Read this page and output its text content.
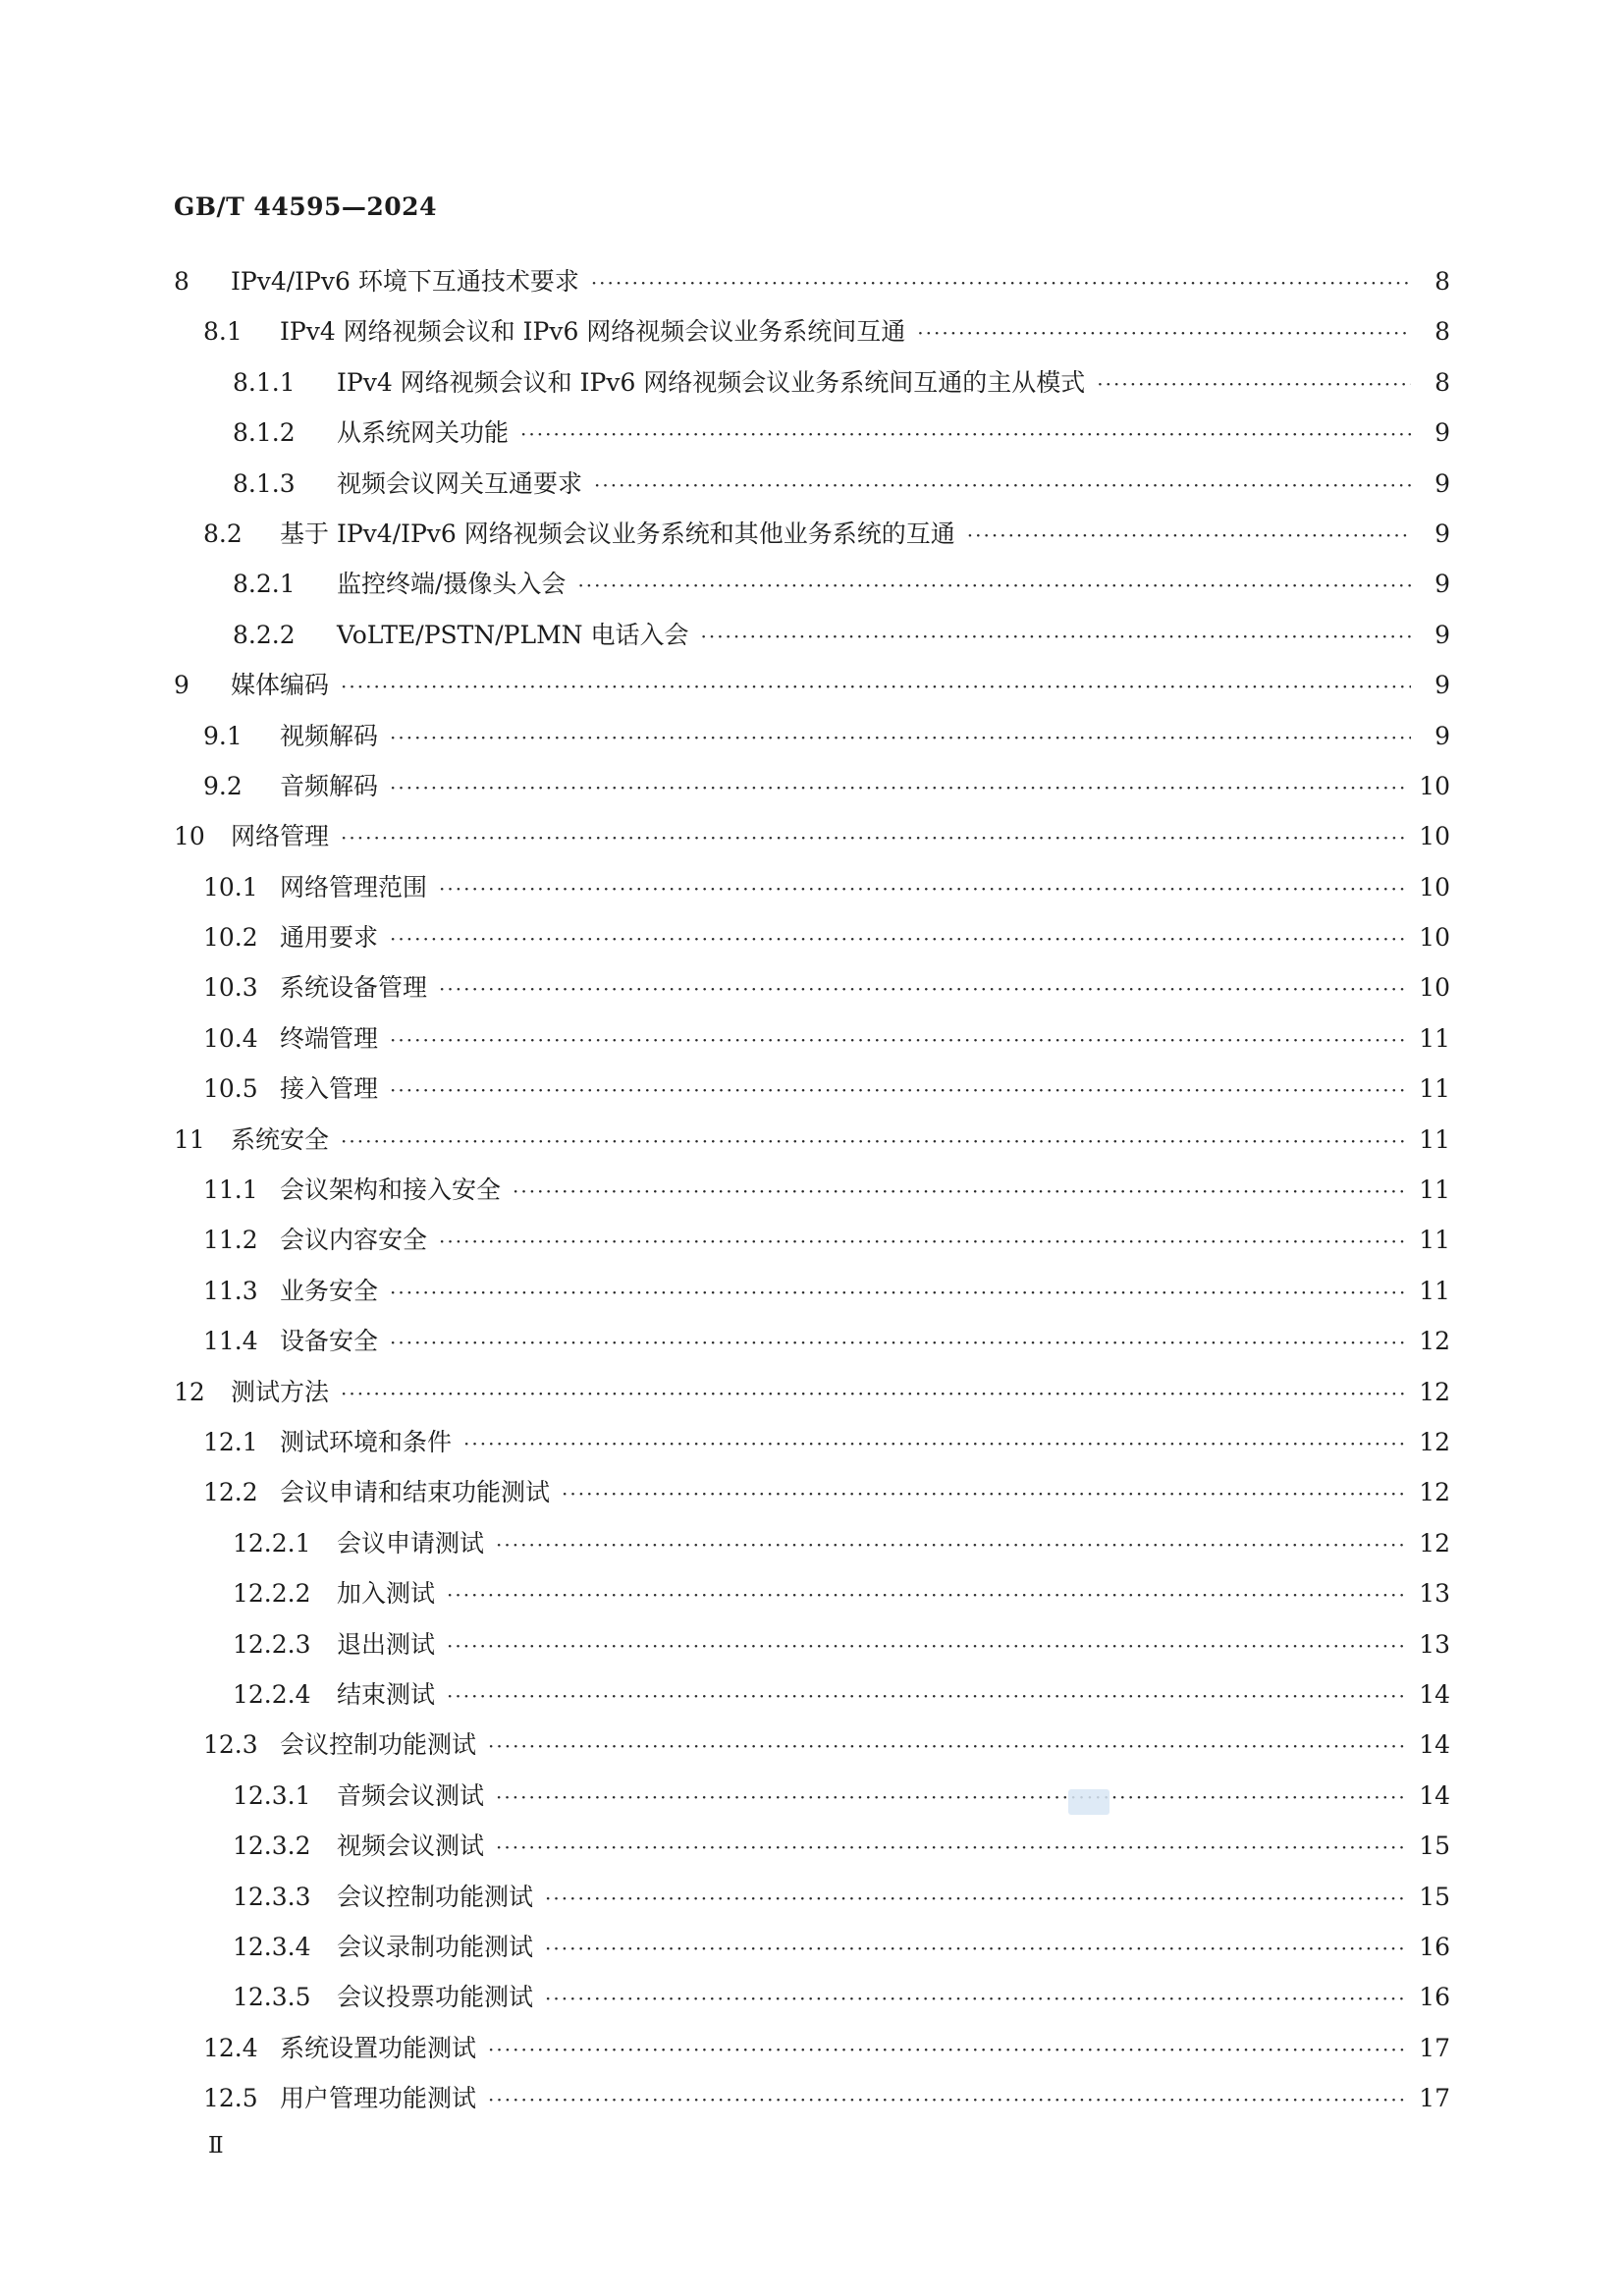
GB/T 44595—2024
8	IPv4/IPv6 环境下互通技术要求 ·····	8
8.1	IPv4 网络视频会议和 IPv6 网络视频会议业务系统间互通 ·····	8
8.1.1	IPv4 网络视频会议和 IPv6 网络视频会议业务系统间互通的主从模式 ·····	8
8.1.2	从系统网关功能 ·····	9
8.1.3	视频会议网关互通要求 ·····	9
8.2	基于 IPv4/IPv6 网络视频会议业务系统和其他业务系统的互通 ·····	9
8.2.1	监控终端/摄像头入会 ·····	9
8.2.2	VoLTE/PSTN/PLMN 电话入会 ·····	9
9	媒体编码 ·····	9
9.1	视频解码 ·····	9
9.2	音频解码 ·····	10
10 网络管理 ·····	10
10.1 网络管理范围 ·····	10
10.2 通用要求 ·····	10
10.3 系统设备管理 ·····	10
10.4 终端管理 ·····	11
10.5 接入管理 ·····	11
11 系统安全 ·····	11
11.1 会议架构和接入安全 ·····	11
11.2 会议内容安全 ·····	11
11.3 业务安全 ·····	11
11.4 设备安全 ·····	12
12 测试方法 ·····	12
12.1 测试环境和条件 ·····	12
12.2 会议申请和结束功能测试 ·····	12
12.2.1 会议申请测试 ·····	12
12.2.2 加入测试 ·····	13
12.2.3 退出测试 ·····	13
12.2.4 结束测试 ·····	14
12.3 会议控制功能测试 ·····	14
12.3.1 音频会议测试 ·····	14
12.3.2 视频会议测试 ·····	15
12.3.3 会议控制功能测试 ·····	15
12.3.4 会议录制功能测试 ·····	16
12.3.5 会议投票功能测试 ·····	16
12.4 系统设置功能测试 ·····	17
12.5 用户管理功能测试 ·····	17
Ⅱ
